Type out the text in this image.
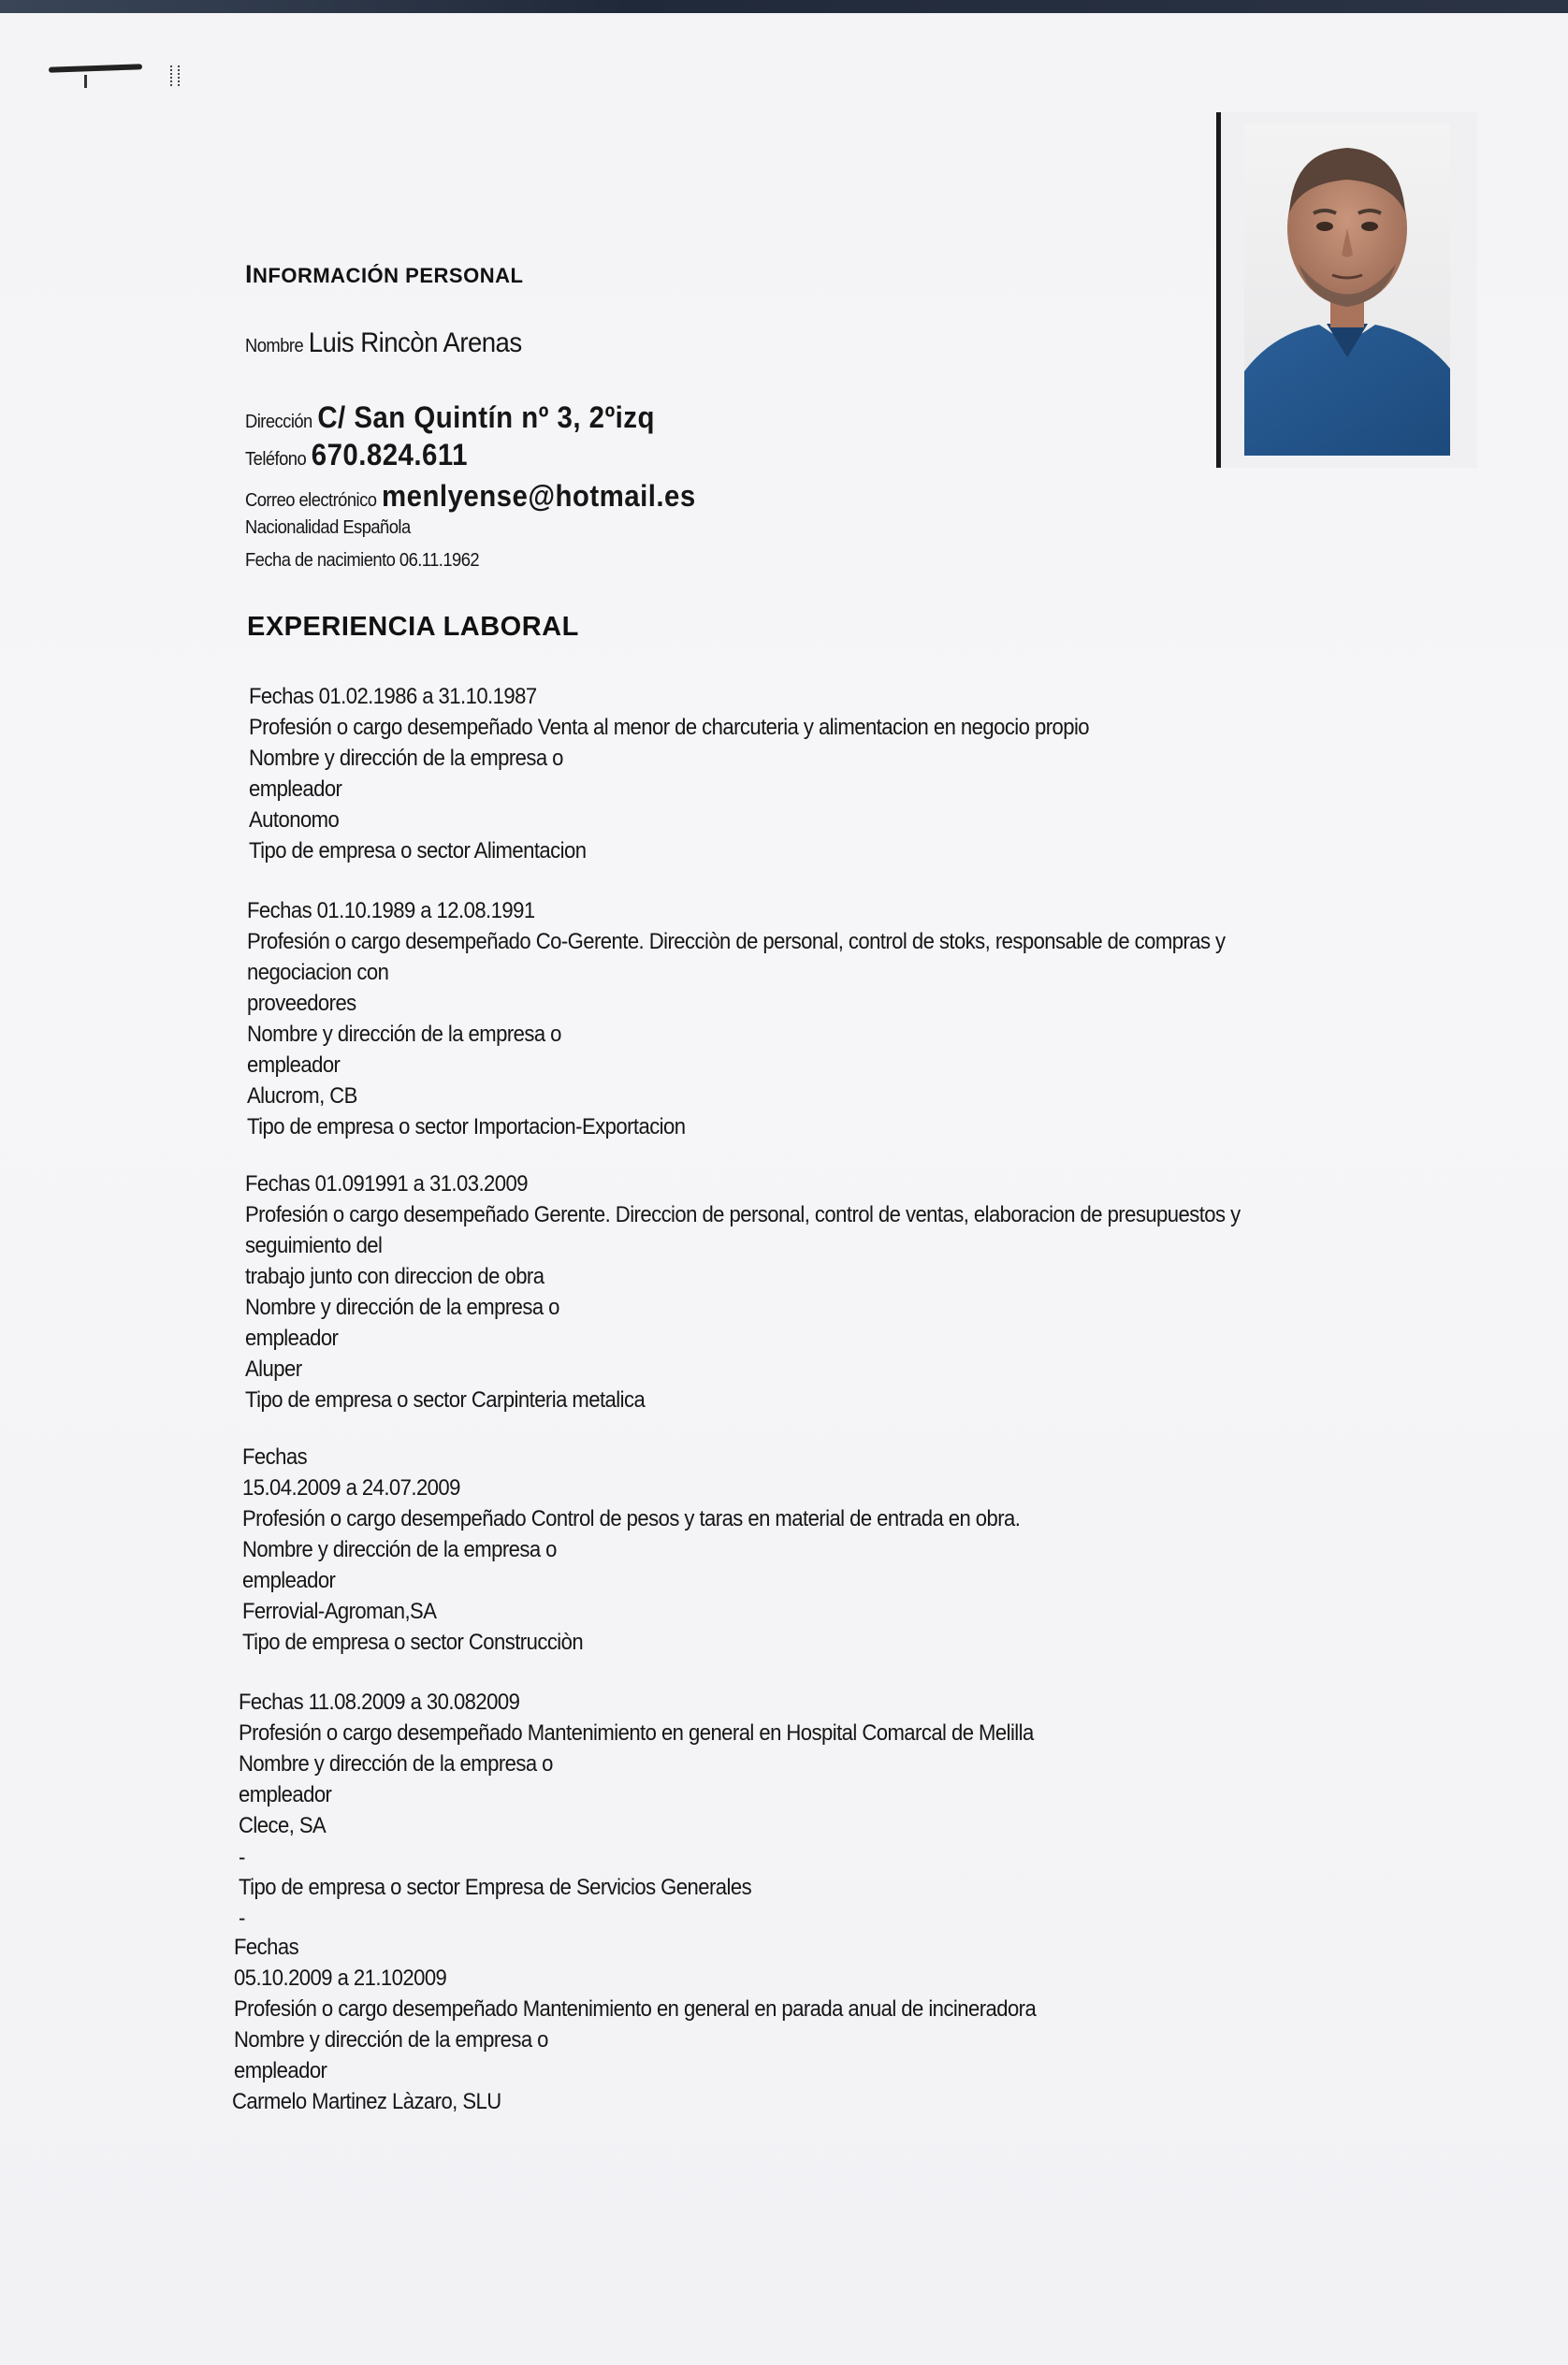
INFORMACIÓN PERSONAL
Nombre Luis Rincòn Arenas
Dirección C/ San Quintín nº 3, 2ºizq
Teléfono 670.824.611
Correo electrónico menlyense@hotmail.es
Nacionalidad Española
Fecha de nacimiento 06.11.1962
EXPERIENCIA LABORAL
Fechas 01.02.1986 a 31.10.1987
Profesión o cargo desempeñado Venta al menor de charcuteria y alimentacion en negocio propio
Nombre y dirección de la empresa o
empleador
Autonomo
Tipo de empresa o sector Alimentacion
Fechas 01.10.1989 a 12.08.1991
Profesión o cargo desempeñado Co-Gerente. Direcciòn de personal, control de stoks, responsable de compras y
negociacion con
proveedores
Nombre y dirección de la empresa o
empleador
Alucrom, CB
Tipo de empresa o sector Importacion-Exportacion
Fechas 01.091991 a 31.03.2009
Profesión o cargo desempeñado Gerente. Direccion de personal, control de ventas, elaboracion de presupuestos y
seguimiento del
trabajo junto con direccion de obra
Nombre y dirección de la empresa o
empleador
Aluper
Tipo de empresa o sector Carpinteria metalica
Fechas
15.04.2009 a 24.07.2009
Profesión o cargo desempeñado Control de pesos y taras en material de entrada en obra.
Nombre y dirección de la empresa o
empleador
Ferrovial-Agroman,SA
Tipo de empresa o sector Construcciòn
Fechas 11.08.2009 a 30.082009
Profesión o cargo desempeñado Mantenimiento en general en Hospital Comarcal de Melilla
Nombre y dirección de la empresa o
empleador
Clece, SA
-
Tipo de empresa o sector Empresa de Servicios Generales
-
Fechas
05.10.2009 a 21.102009
Profesión o cargo desempeñado Mantenimiento en general en parada anual de incineradora
Nombre y dirección de la empresa o
empleador
Carmelo Martinez Làzaro, SLU
